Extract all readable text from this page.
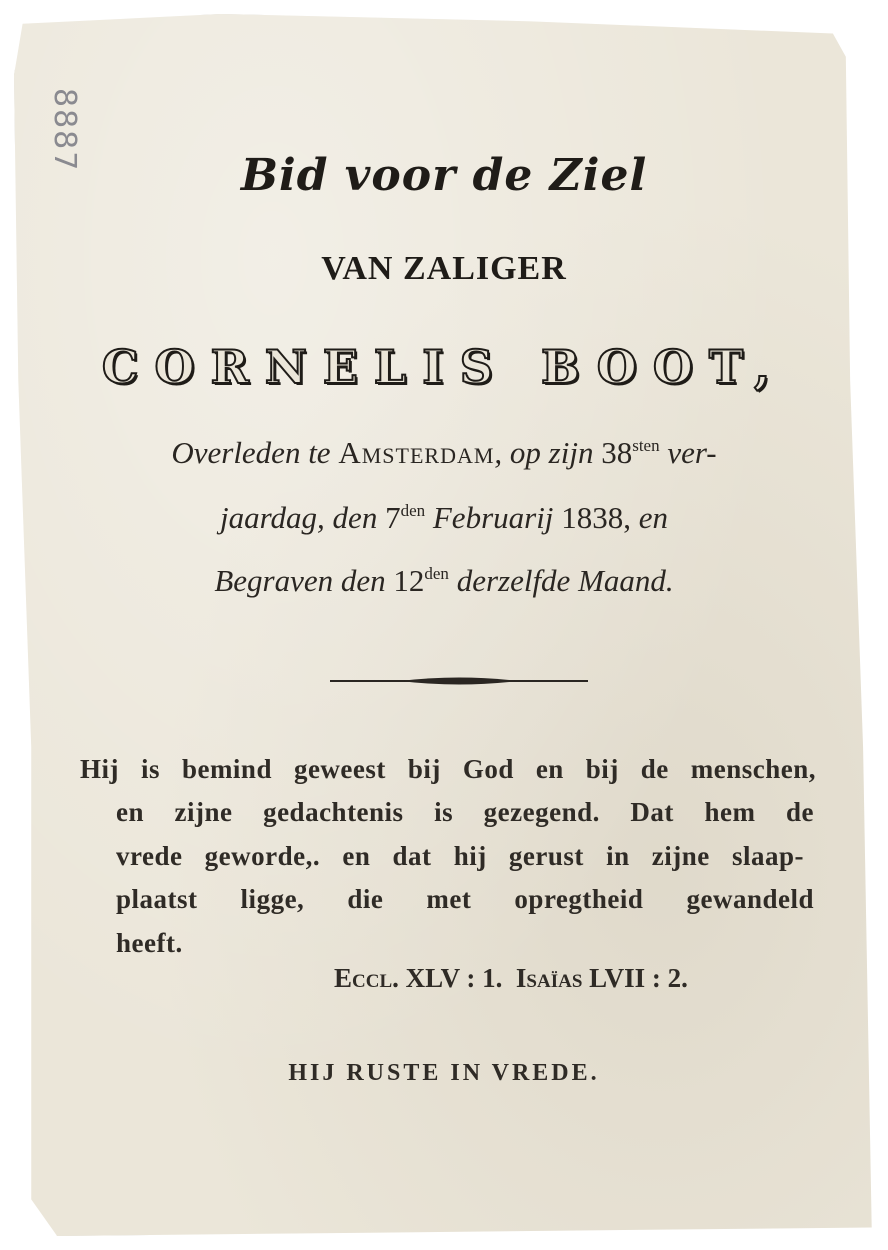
8887
Bid voor de Ziel
VAN ZALIGER
CORNELIS BOOT,
Overleden te Amsterdam, op zijn $38^{sten}$ ver-
jaardag, den $7^{den}$ Februarij 1838, en
Begraven den $12^{den}$ derzelfde Maand.
Hij is bemind geweest bij God en bij de menschen,
en zijne gedachtenis is gezegend. Dat hem de
vrede geworde,. en dat hij gerust in zijne slaap-
plaatst ligge, die met opregtheid gewandeld
heeft.
Eccl. XLV : 1. Isaïas LVII : 2.
HIJ RUSTE IN VREDE.
